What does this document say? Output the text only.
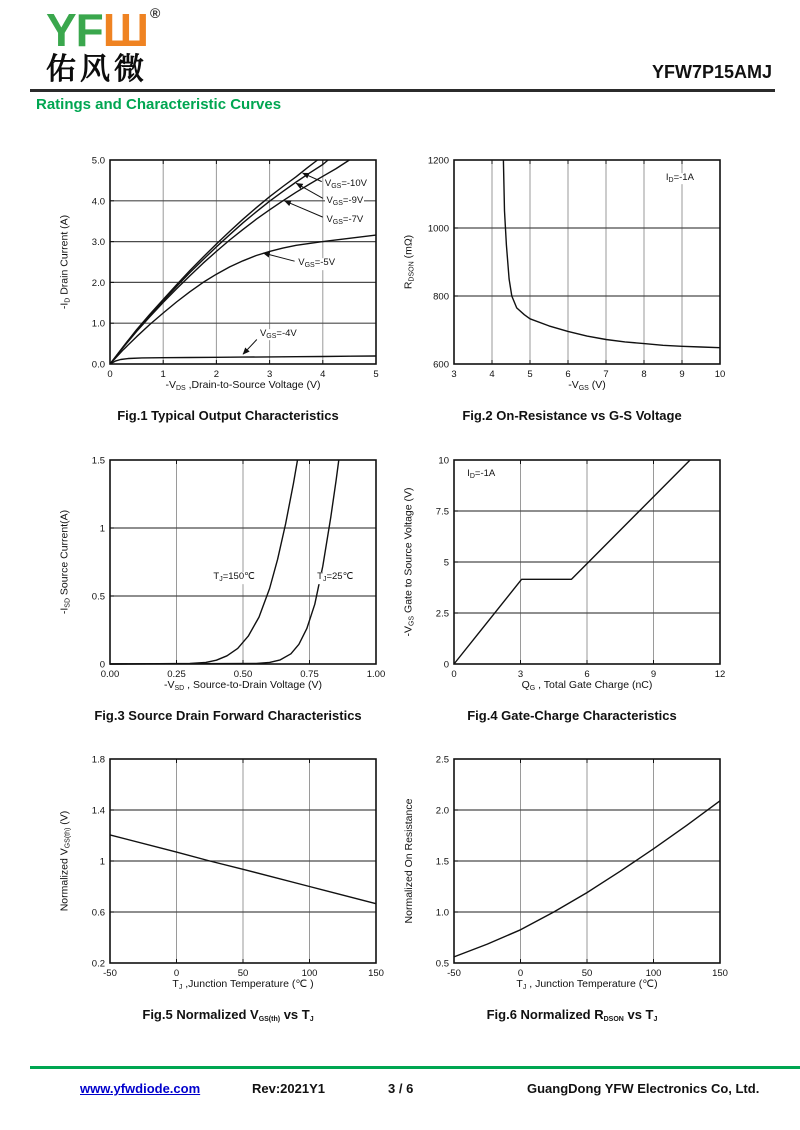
YFШ ®
佑风微	YFW7P15AMJ
Ratings and Characteristic Curves
0	1	2	3	4	5
0.0
1.0
2.0
3.0
4.0
5.0
$V_{GS}=-10V$
$V_{GS}=-9V$
$V_{GS}=-7V$
$V_{GS}=-5V$
$V_{GS}=-4V$
$-V_{DS}$ ,Drain-to-Source Voltage (V)
$-I_D$ Drain Current (A)
Fig.1 Typical Output Characteristics
3	4	5	6	7	8	9	10
600
800
1000
1200
$I_D=-1A$
$-V_{GS}$ (V)
$R_{DSON}$ (mΩ)
Fig.2 On-Resistance vs G-S Voltage
0.00	0.25	0.50	0.75	1.00
0
0.5
1
1.5
$T_J=150℃$	$T_J=25℃$
$-V_{SD}$ , Source-to-Drain Voltage (V)
$-I_{SD}$ Source Current(A)
Fig.3 Source Drain Forward Characteristics
0	3	6	9	12
0
2.5
5
7.5
10
$I_D=-1A$
$Q_G$ , Total Gate Charge (nC)
$-V_{GS}$ Gate to Source Voltage (V)
Fig.4 Gate-Charge Characteristics
-50	0	50	100	150
0.2
0.6
1
1.4
1.8
$T_J$ ,Junction Temperature (℃ )
Normalized $V_{GS(th)}$ (V)
Fig.5 Normalized $V_{GS(th)}$ vs $T_J$
-50	0	50	100	150
0.5
1.0
1.5
2.0
2.5
$T_J$ , Junction Temperature (℃)
Normalized On Resistance
Fig.6 Normalized $R_{DSON}$ vs $T_J$
www.yfwdiode.com	Rev:2021Y1	3 / 6	GuangDong YFW Electronics Co, Ltd.
